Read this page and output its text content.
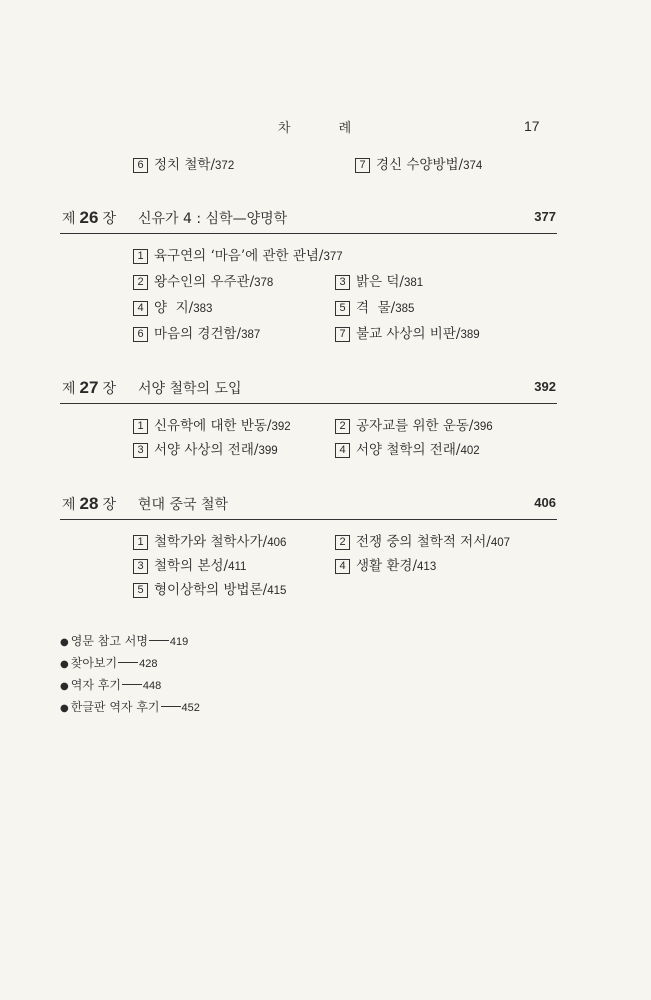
차 례	17
6 정치 철학/372	7 경신 수양방법/374
제 26 장 신유가 4 : 심학—양명학	377
1 육구연의 ‘마음’에 관한 관념/377
2 왕수인의 우주관/378	3 밝은 덕/381
4 양  지/383	5 격  물/385
6 마음의 경건함/387	7 불교 사상의 비판/389
제 27 장 서양 철학의 도입	392
1 신유학에 대한 반동/392	2 공자교를 위한 운동/396
3 서양 사상의 전래/399	4 서양 철학의 전래/402
제 28 장 현대 중국 철학	406
1 철학가와 철학사가/406	2 전쟁 중의 철학적 저서/407
3 철학의 본성/411	4 생활 환경/413
5 형이상학의 방법론/415
● 영문 참고 서명 419
● 찾아보기 428
● 역자 후기 448
● 한글판 역자 후기 452
